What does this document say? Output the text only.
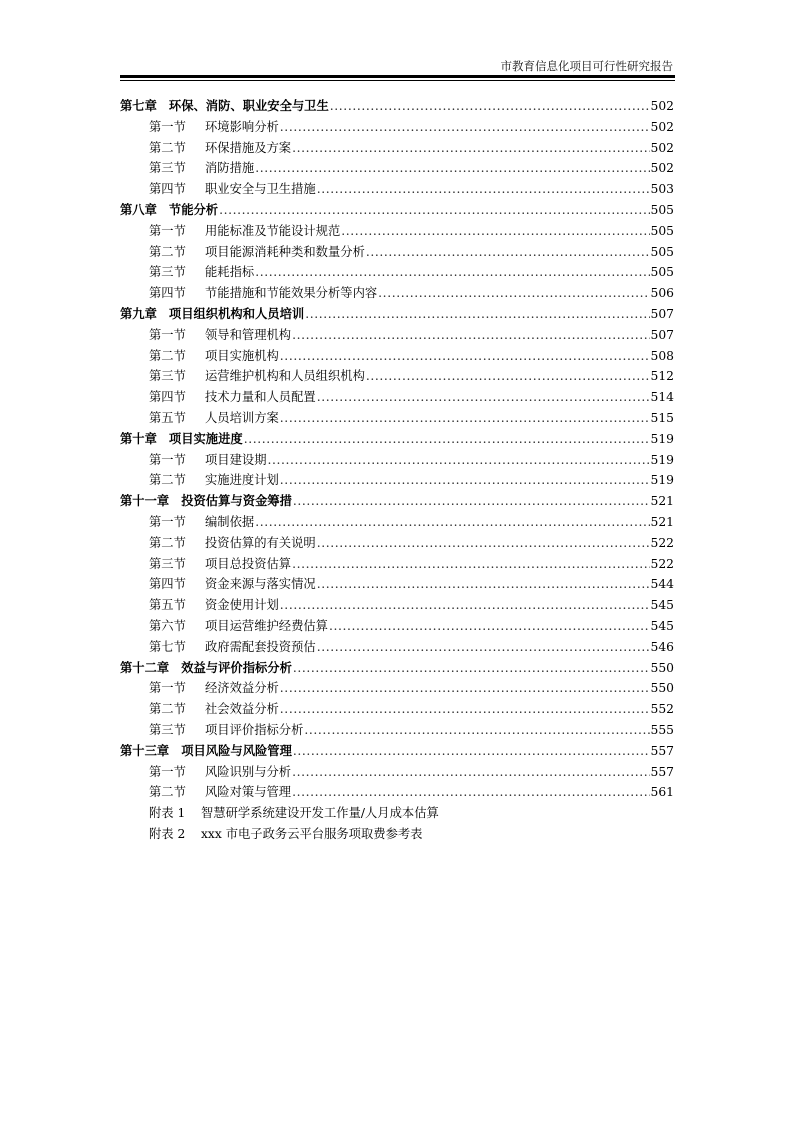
市教育信息化项目可行性研究报告
第七章 环保、消防、职业安全与卫生 .....	502
第一节	环境影响分析 .....	502
第二节	环保措施及方案 .....	502
第三节	消防措施 .....	502
第四节	职业安全与卫生措施 .....	503
第八章 节能分析 .....	505
第一节	用能标准及节能设计规范 .....	505
第二节	项目能源消耗种类和数量分析 .....	505
第三节	能耗指标 .....	505
第四节	节能措施和节能效果分析等内容 .....	506
第九章 项目组织机构和人员培训 .....	507
第一节	领导和管理机构 .....	507
第二节	项目实施机构 .....	508
第三节	运营维护机构和人员组织机构 .....	512
第四节	技术力量和人员配置 .....	514
第五节	人员培训方案 .....	515
第十章 项目实施进度 .....	519
第一节	项目建设期 .....	519
第二节	实施进度计划 .....	519
第十一章 投资估算与资金筹措 .....	521
第一节	编制依据 .....	521
第二节	投资估算的有关说明 .....	522
第三节	项目总投资估算 .....	522
第四节	资金来源与落实情况 .....	544
第五节	资金使用计划 .....	545
第六节	项目运营维护经费估算 .....	545
第七节	政府需配套投资预估 .....	546
第十二章 效益与评价指标分析 .....	550
第一节	经济效益分析 .....	550
第二节	社会效益分析 .....	552
第三节	项目评价指标分析 .....	555
第十三章 项目风险与风险管理 .....	557
第一节	风险识别与分析 .....	557
第二节	风险对策与管理 .....	561
附表 1	智慧研学系统建设开发工作量/人月成本估算
附表 2	xxx 市电子政务云平台服务项取费参考表
